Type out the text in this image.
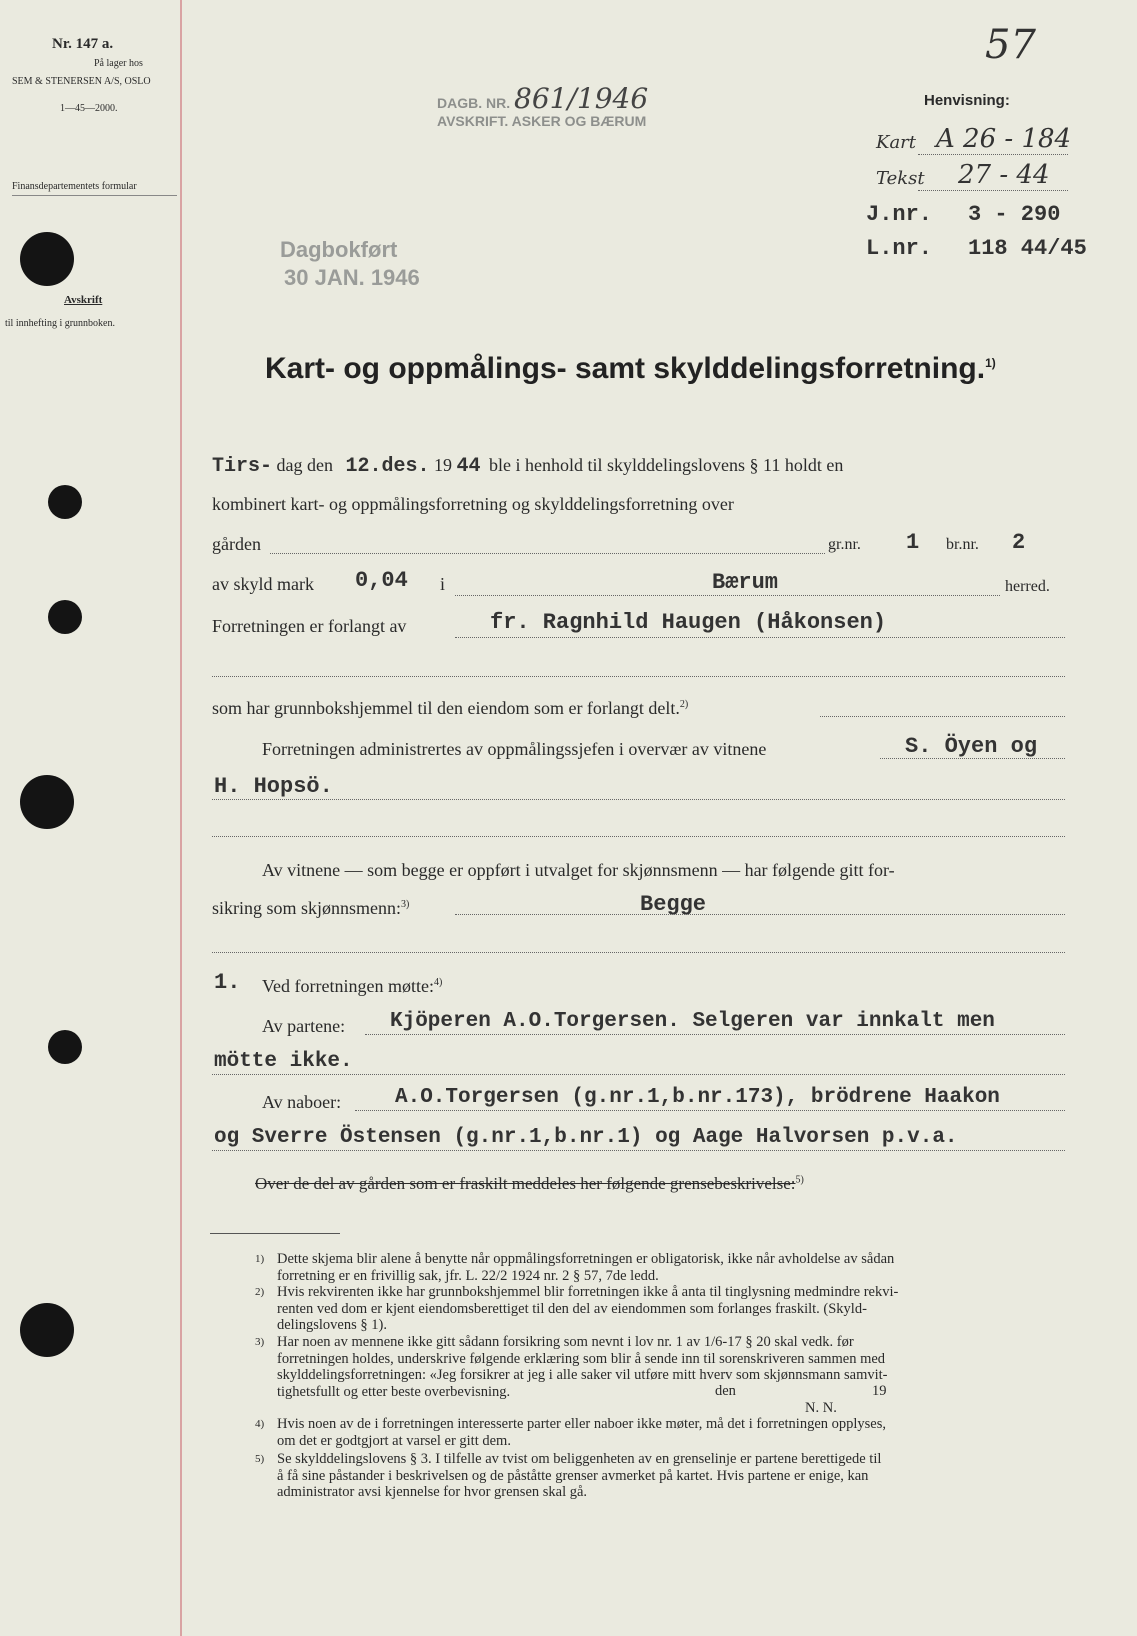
Nr. 147 a.
På lager hos
SEM & STENERSEN A/S, OSLO
1—45—2000.
Finansdepartementets formular
Avskrift
til innhefting i grunnboken.
DAGB. NR. 861/1946
AVSKRIFT. ASKER OG BÆRUM
Dagbokført
30 JAN. 1946
57
Henvisning:
Kart A 26 - 184
Tekst 27 - 44
J.nr. 3 - 290
L.nr. 118 44/45
Kart- og oppmålings- samt skylddelingsforretning.$^{1)}$
Tirs- dag den 12.des. 19 44 ble i henhold til skylddelingslovens § 11 holdt en
kombinert kart- og oppmålingsforretning og skylddelingsforretning over
gården	gr.nr. 1 br.nr. 2
av skyld mark 0,04 i	Bærum	herred.
Forretningen er forlangt av	fr. Ragnhild Haugen (Håkonsen)
som har grunnbokshjemmel til den eiendom som er forlangt delt.$^{2)}$
Forretningen administrertes av oppmålingssjefen i overvær av vitnene	S. Öyen og
H. Hopsö.
Av vitnene — som begge er oppført i utvalget for skjønnsmenn — har følgende gitt for-
sikring som skjønnsmenn:$^{3)}$	Begge
1. Ved forretningen møtte:$^{4)}$
Av partene: Kjöperen A.O.Torgersen. Selgeren var innkalt men
mötte ikke.
Av naboer:	A.O.Torgersen (g.nr.1,b.nr.173), brödrene Haakon
og Sverre Östensen (g.nr.1,b.nr.1) og Aage Halvorsen p.v.a.
Over de del av gården som er fraskilt meddeles her følgende grensebeskrivelse:$^{5)}$
1) Dette skjema blir alene å benytte når oppmålingsforretningen er obligatorisk, ikke når avholdelse av sådan
forretning er en frivillig sak, jfr. L. 22/2 1924 nr. 2 § 57, 7de ledd.
2) Hvis rekvirenten ikke har grunnbokshjemmel blir forretningen ikke å anta til tinglysning medmindre rekvi-
renten ved dom er kjent eiendomsberettiget til den del av eiendommen som forlanges fraskilt. (Skyld-
delingslovens § 1).
3) Har noen av mennene ikke gitt sådann forsikring som nevnt i lov nr. 1 av 1/6-17 § 20 skal vedk. før
forretningen holdes, underskrive følgende erklæring som blir å sende inn til sorenskriveren sammen med
skylddelingsforretningen: «Jeg forsikrer at jeg i alle saker vil utføre mitt hverv som skjønnsmann samvit-
tighetsfullt og etter beste overbevisning.	den	19
N. N.
4) Hvis noen av de i forretningen interesserte parter eller naboer ikke møter, må det i forretningen opplyses,
om det er godtgjort at varsel er gitt dem.
5) Se skylddelingslovens § 3. I tilfelle av tvist om beliggenheten av en grenselinje er partene berettigede til
å få sine påstander i beskrivelsen og de påståtte grenser avmerket på kartet. Hvis partene er enige, kan
administrator avsi kjennelse for hvor grensen skal gå.
